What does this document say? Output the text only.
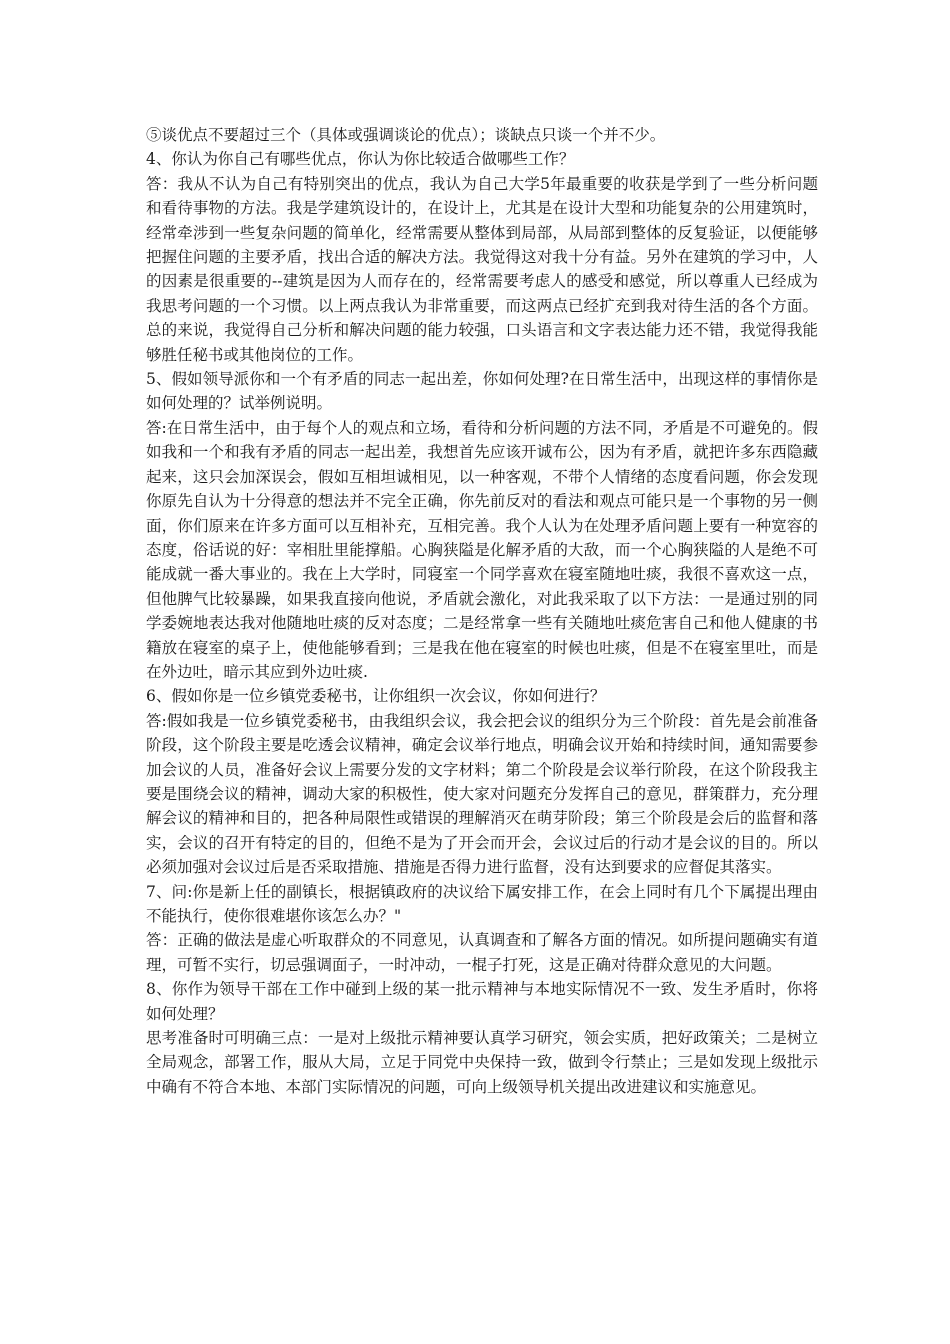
⑤谈优点不要超过三个（具体或强调谈论的优点）；谈缺点只谈一个并不少。

4、你认为你自己有哪些优点，你认为你比较适合做哪些工作？

答：我从不认为自己有特别突出的优点，我认为自己大学5年最重要的收获是学到了一些分析问题和看待事物的方法。我是学建筑设计的，在设计上，尤其是在设计大型和功能复杂的公用建筑时，经常牵涉到一些复杂问题的简单化，经常需要从整体到局部，从局部到整体的反复验证，以便能够把握住问题的主要矛盾，找出合适的解决方法。我觉得这对我十分有益。另外在建筑的学习中，人的因素是很重要的--建筑是因为人而存在的，经常需要考虑人的感受和感觉，所以尊重人已经成为我思考问题的一个习惯。以上两点我认为非常重要，而这两点已经扩充到我对待生活的各个方面。总的来说，我觉得自己分析和解决问题的能力较强，口头语言和文字表达能力还不错，我觉得我能够胜任秘书或其他岗位的工作。

5、假如领导派你和一个有矛盾的同志一起出差，你如何处理?在日常生活中，出现这样的事情你是如何处理的？试举例说明。

答:在日常生活中，由于每个人的观点和立场，看待和分析问题的方法不同，矛盾是不可避免的。假如我和一个和我有矛盾的同志一起出差，我想首先应该开诚布公，因为有矛盾，就把许多东西隐藏起来，这只会加深误会，假如互相坦诚相见，以一种客观，不带个人情绪的态度看问题，你会发现你原先自认为十分得意的想法并不完全正确，你先前反对的看法和观点可能只是一个事物的另一侧面，你们原来在许多方面可以互相补充，互相完善。我个人认为在处理矛盾问题上要有一种宽容的态度，俗话说的好：宰相肚里能撑船。心胸狭隘是化解矛盾的大敌，而一个心胸狭隘的人是绝不可能成就一番大事业的。我在上大学时，同寝室一个同学喜欢在寝室随地吐痰，我很不喜欢这一点，但他脾气比较暴躁，如果我直接向他说，矛盾就会激化，对此我采取了以下方法：一是通过别的同学委婉地表达我对他随地吐痰的反对态度；二是经常拿一些有关随地吐痰危害自己和他人健康的书籍放在寝室的桌子上，使他能够看到；三是我在他在寝室的时候也吐痰，但是不在寝室里吐，而是在外边吐，暗示其应到外边吐痰.

6、假如你是一位乡镇党委秘书，让你组织一次会议，你如何进行？

答:假如我是一位乡镇党委秘书，由我组织会议，我会把会议的组织分为三个阶段：首先是会前准备阶段，这个阶段主要是吃透会议精神，确定会议举行地点，明确会议开始和持续时间，通知需要参加会议的人员，准备好会议上需要分发的文字材料；第二个阶段是会议举行阶段，在这个阶段我主要是围绕会议的精神，调动大家的积极性，使大家对问题充分发挥自己的意见，群策群力，充分理解会议的精神和目的，把各种局限性或错误的理解消灭在萌芽阶段；第三个阶段是会后的监督和落实，会议的召开有特定的目的，但绝不是为了开会而开会，会议过后的行动才是会议的目的。所以必须加强对会议过后是否采取措施、措施是否得力进行监督，没有达到要求的应督促其落实。

7、问:你是新上任的副镇长，根据镇政府的决议给下属安排工作，在会上同时有几个下属提出理由不能执行，使你很难堪你该怎么办？"

答：正确的做法是虚心听取群众的不同意见，认真调查和了解各方面的情况。如所提问题确实有道理，可暂不实行，切忌强调面子，一时冲动，一棍子打死，这是正确对待群众意见的大问题。

8、你作为领导干部在工作中碰到上级的某一批示精神与本地实际情况不一致、发生矛盾时，你将如何处理？

思考准备时可明确三点：一是对上级批示精神要认真学习研究，领会实质，把好政策关；二是树立全局观念，部署工作，服从大局，立足于同党中央保持一致，做到令行禁止；三是如发现上级批示中确有不符合本地、本部门实际情况的问题，可向上级领导机关提出改进建议和实施意见。
